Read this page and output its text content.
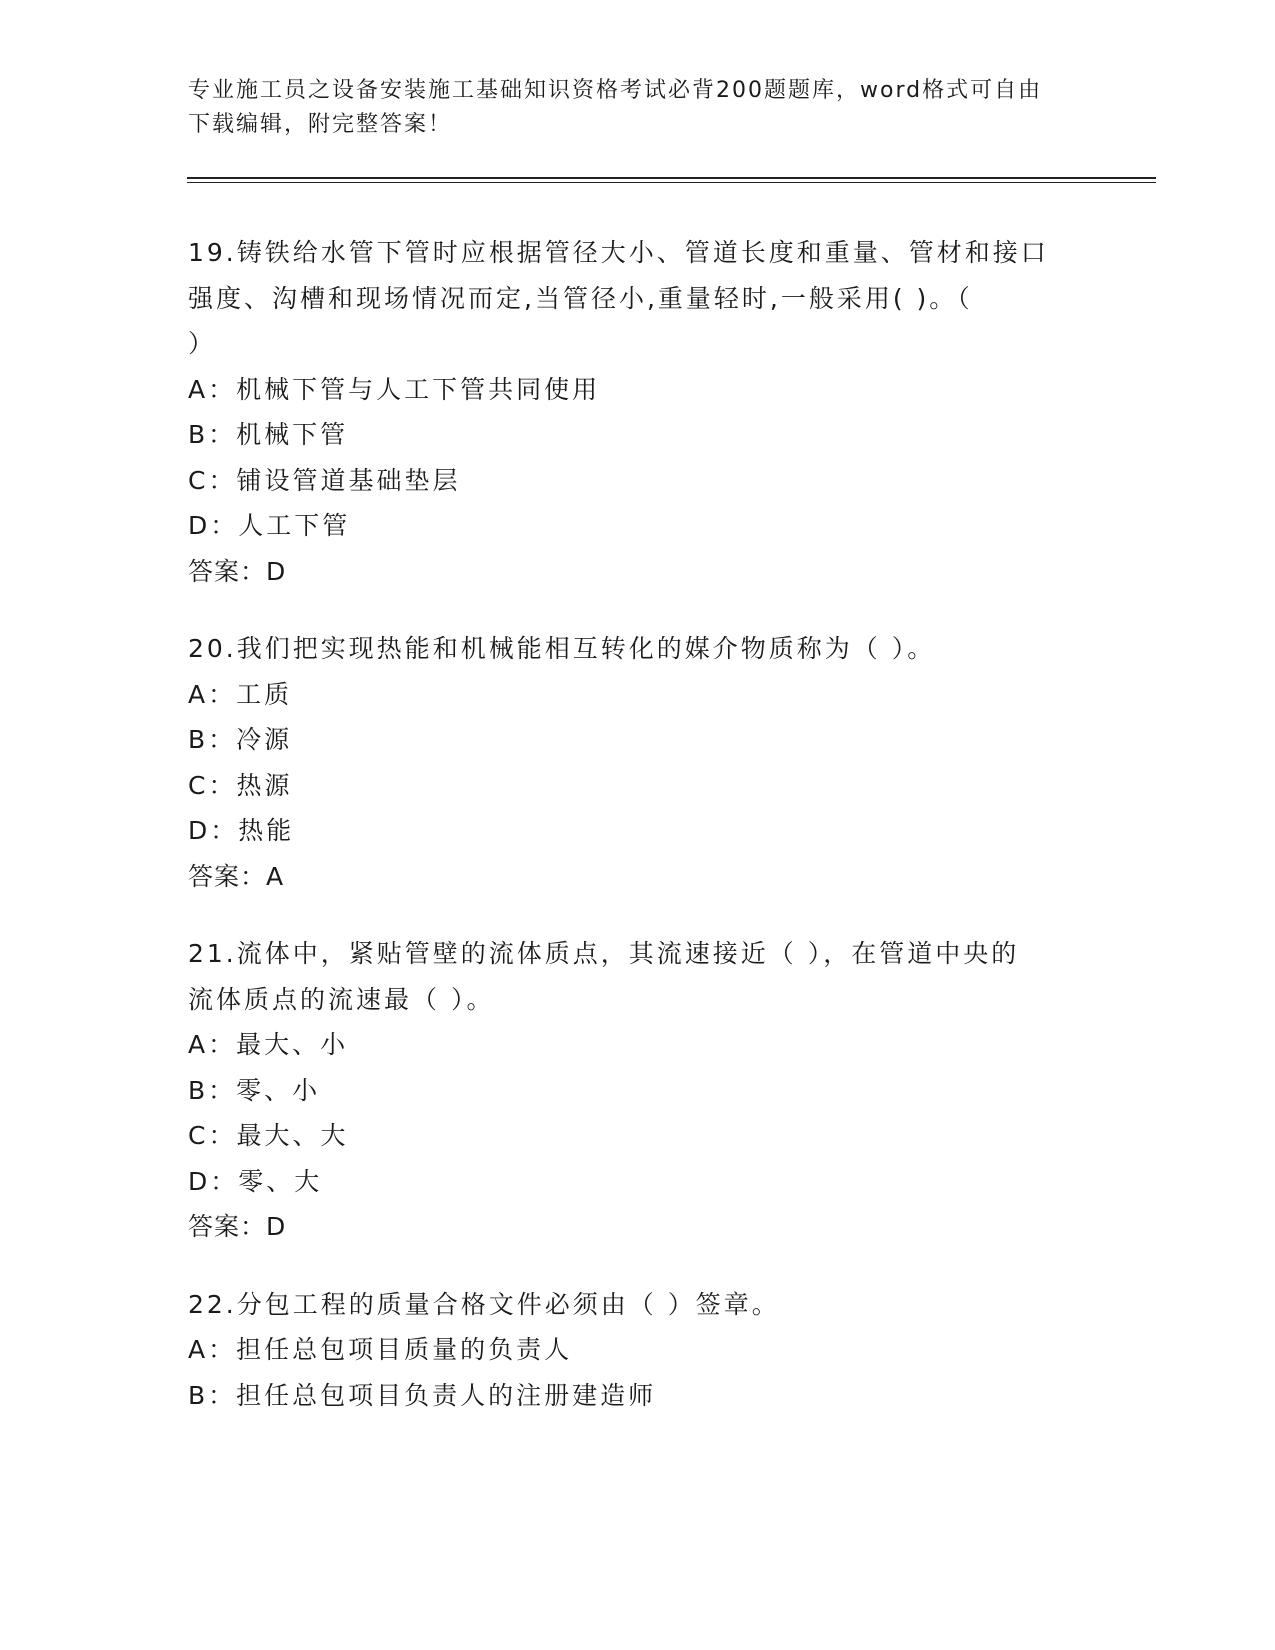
专业施工员之设备安装施工基础知识资格考试必背200题题库，word格式可自由
下载编辑，附完整答案！
19.铸铁给水管下管时应根据管径大小、管道长度和重量、管材和接口
强度、沟槽和现场情况而定,当管径小,重量轻时,一般采用( )。（
）
A：机械下管与人工下管共同使用
B：机械下管
C：铺设管道基础垫层
D：人工下管
答案：D
20.我们把实现热能和机械能相互转化的媒介物质称为（ ）。
A：工质
B：冷源
C：热源
D：热能
答案：A
21.流体中，紧贴管壁的流体质点，其流速接近（ ），在管道中央的
流体质点的流速最（ ）。
A：最大、小
B：零、小
C：最大、大
D：零、大
答案：D
22.分包工程的质量合格文件必须由（ ）签章。
A：担任总包项目质量的负责人
B：担任总包项目负责人的注册建造师
